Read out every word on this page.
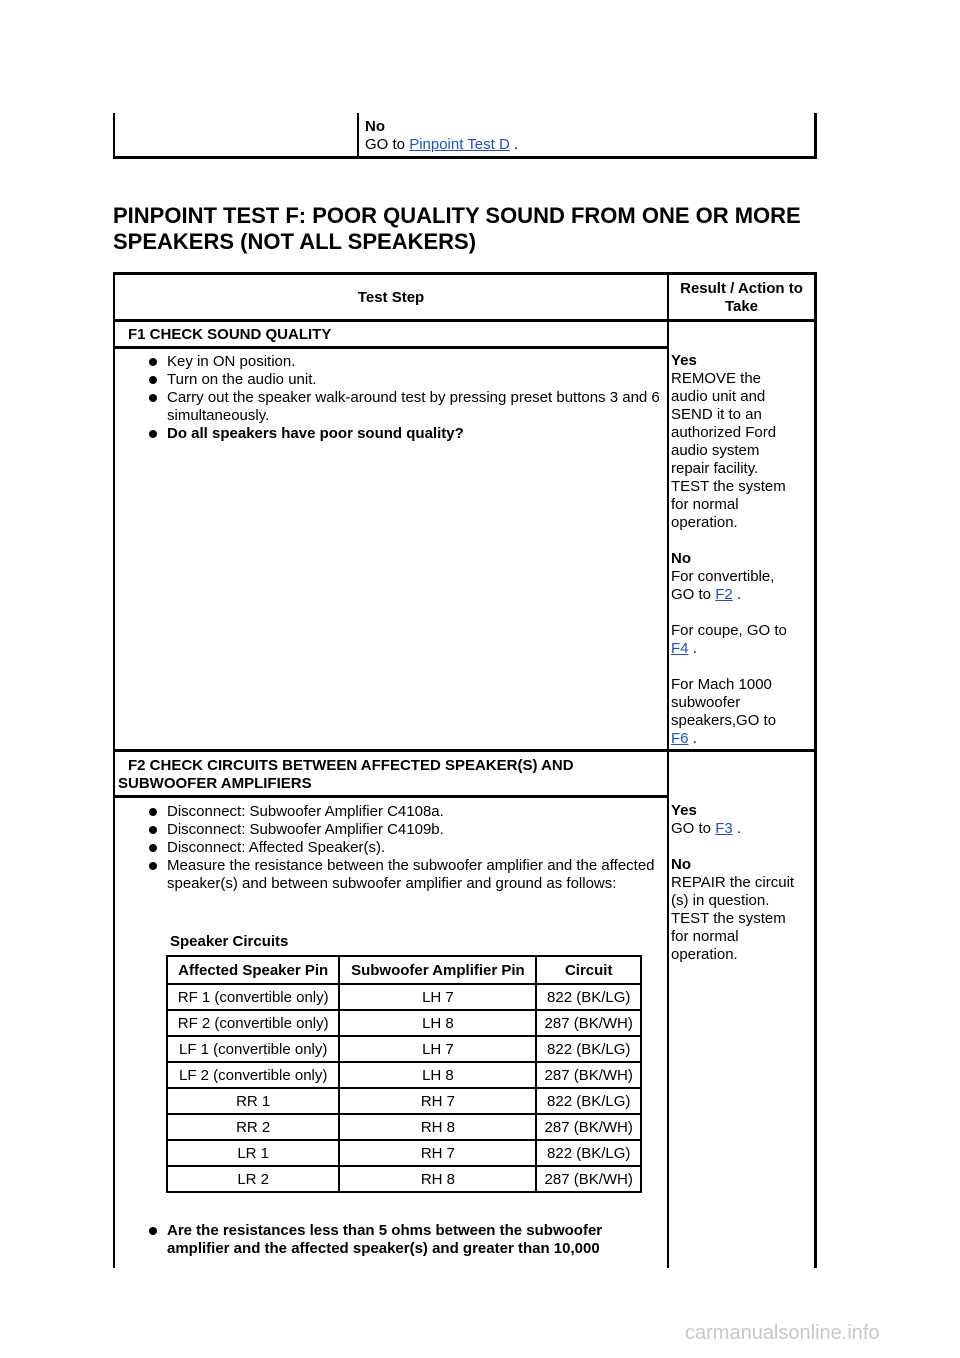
No
GO to Pinpoint Test D .
PINPOINT TEST F: POOR QUALITY SOUND FROM ONE OR MORE
SPEAKERS (NOT ALL SPEAKERS)
Test Step
Result / Action to
Take
F1 CHECK SOUND QUALITY
Key in ON position.
Turn on the audio unit.
Carry out the speaker walk-around test by pressing preset buttons 3 and 6 simultaneously.
Do all speakers have poor sound quality?
Yes
REMOVE the
audio unit and
SEND it to an
authorized Ford
audio system
repair facility.
TEST the system
for normal
operation.
No
For convertible,
GO to F2 .
For coupe, GO to
F4 .
For Mach 1000
subwoofer
speakers,GO to
F6 .
F2 CHECK CIRCUITS BETWEEN AFFECTED SPEAKER(S) AND
SUBWOOFER AMPLIFIERS
Disconnect: Subwoofer Amplifier C4108a.
Disconnect: Subwoofer Amplifier C4109b.
Disconnect: Affected Speaker(s).
Measure the resistance between the subwoofer amplifier and the affected speaker(s) and between subwoofer amplifier and ground as follows:
Speaker Circuits
Affected Speaker Pin	Subwoofer Amplifier Pin	Circuit
RF 1 (convertible only)	LH 7	822 (BK/LG)
RF 2 (convertible only)	LH 8	287 (BK/WH)
LF 1 (convertible only)	LH 7	822 (BK/LG)
LF 2 (convertible only)	LH 8	287 (BK/WH)
RR 1	RH 7	822 (BK/LG)
RR 2	RH 8	287 (BK/WH)
LR 1	RH 7	822 (BK/LG)
LR 2	RH 8	287 (BK/WH)
Are the resistances less than 5 ohms between the subwoofer amplifier and the affected speaker(s) and greater than 10,000
Yes
GO to F3 .
No
REPAIR the circuit
(s) in question.
TEST the system
for normal
operation.
carmanualsonline.info
